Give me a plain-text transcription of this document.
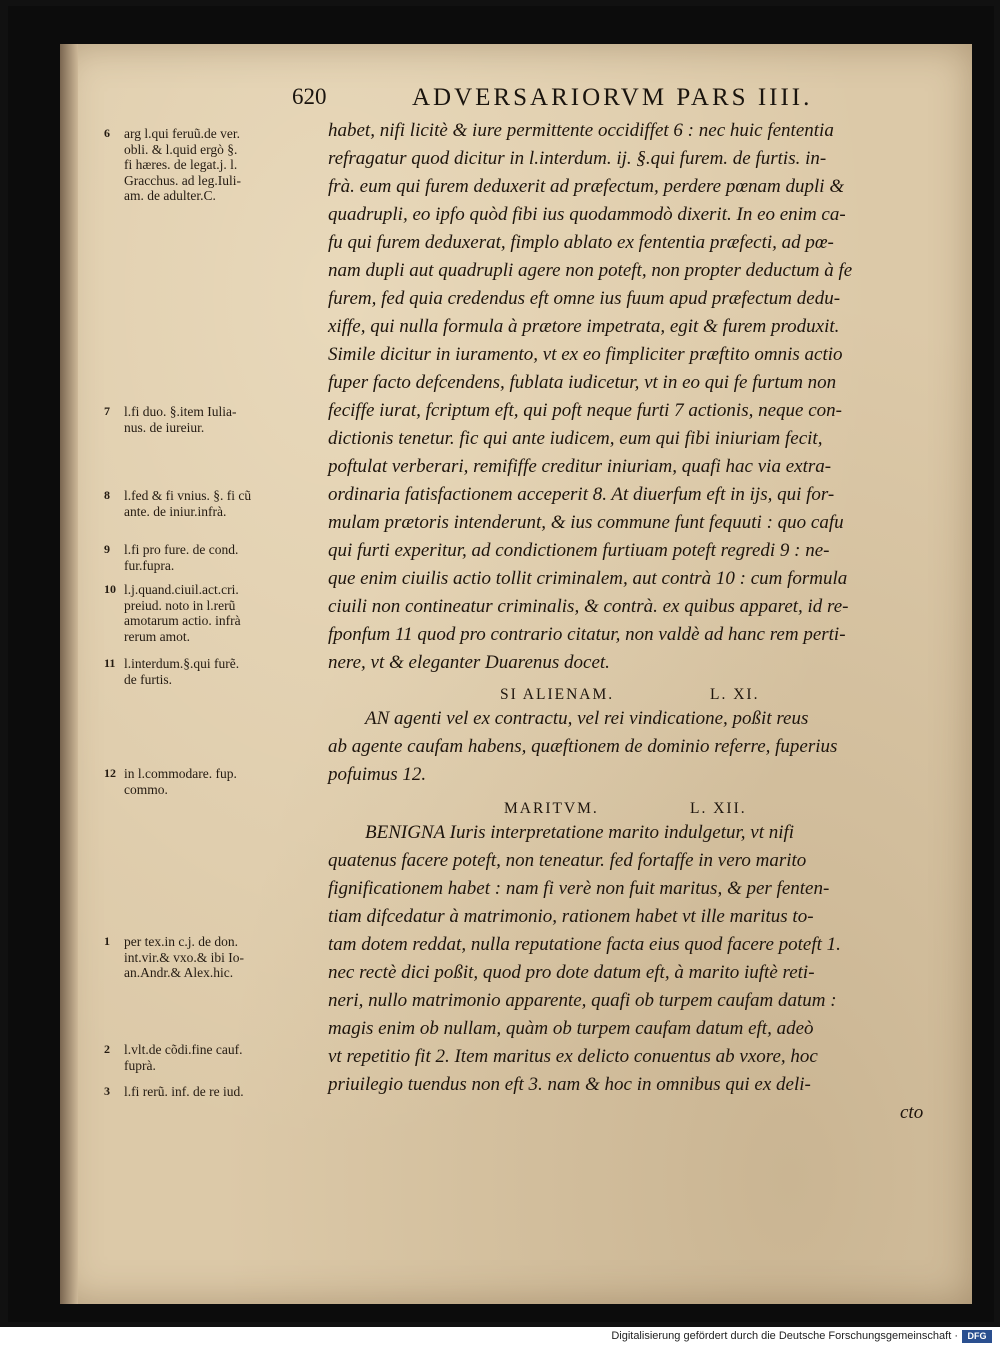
620	ADVERSARIORVM PARS IIII.
6 arg l.qui feruũ.de ver.
obli. & l.quid ergò §.
fi hæres. de legat.j. l.
Gracchus. ad leg.Iuli-
am. de adulter.C.
7 l.fi duo. §.item Iulia-
nus. de iureiur.
8 l.fed & fi vnius. §. fi cũ
ante. de iniur.infrà.
9 l.fi pro fure. de cond.
fur.fupra.
10 l.j.quand.ciuil.act.cri.
preiud. noto in l.rerũ
amotarum actio. infrà
rerum amot.
11 l.interdum.§.qui furẽ.
de furtis.
12 in l.commodare. fup.
commo.
1 per tex.in c.j. de don.
int.vir.& vxo.& ibi Io-
an.Andr.& Alex.hic.
2 l.vlt.de cõdi.fine cauf.
fuprà.
3 l.fi rerũ. inf. de re iud.
habet, nifi licitè & iure permittente occidiffet 6 : nec huic fententia
refragatur quod dicitur in l.interdum. ij. §.qui furem. de furtis. in-
frà. eum qui furem deduxerit ad præfectum, perdere pœnam dupli &
quadrupli, eo ipfo quòd fibi ius quodammodò dixerit. In eo enim ca-
fu qui furem deduxerat, fimplo ablato ex fententia præfecti, ad pœ-
nam dupli aut quadrupli agere non poteft, non propter deductum à fe
furem, fed quia credendus eft omne ius fuum apud præfectum dedu-
xiffe, qui nulla formula à prætore impetrata, egit & furem produxit.
Simile dicitur in iuramento, vt ex eo fimpliciter præftito omnis actio
fuper facto defcendens, fublata iudicetur, vt in eo qui fe furtum non
feciffe iurat, fcriptum eft, qui poft neque furti 7 actionis, neque con-
dictionis tenetur. fic qui ante iudicem, eum qui fibi iniuriam fecit,
poftulat verberari, remififfe creditur iniuriam, quafi hac via extra-
ordinaria fatisfactionem acceperit 8. At diuerfum eft in ijs, qui for-
mulam prætoris intenderunt, & ius commune funt fequuti : quo cafu
qui furti experitur, ad condictionem furtiuam poteft regredi 9 : ne-
que enim ciuilis actio tollit criminalem, aut contrà 10 : cum formula
ciuili non contineatur criminalis, & contrà. ex quibus apparet, id re-
fponfum 11 quod pro contrario citatur, non valdè ad hanc rem perti-
nere, vt & eleganter Duarenus docet.
SI ALIENAM.	L. XI.
AN agenti vel ex contractu, vel rei vindicatione, poßit reus
ab agente caufam habens, quæftionem de dominio referre, fuperius
pofuimus 12.
MARITVM.	L. XII.
BENIGNA Iuris interpretatione marito indulgetur, vt nifi
quatenus facere poteft, non teneatur. fed fortaffe in vero marito
fignificationem habet : nam fi verè non fuit maritus, & per fenten-
tiam difcedatur à matrimonio, rationem habet vt ille maritus to-
tam dotem reddat, nulla reputatione facta eius quod facere poteft 1.
nec rectè dici poßit, quod pro dote datum eft, à marito iuftè reti-
neri, nullo matrimonio apparente, quafi ob turpem caufam datum :
magis enim ob nullam, quàm ob turpem caufam datum eft, adeò
vt repetitio fit 2. Item maritus ex delicto conuentus ab vxore, hoc
priuilegio tuendus non eft 3. nam & hoc in omnibus qui ex deli-
cto
Digitalisierung gefördert durch die Deutsche Forschungsgemeinschaft ·	DFG
